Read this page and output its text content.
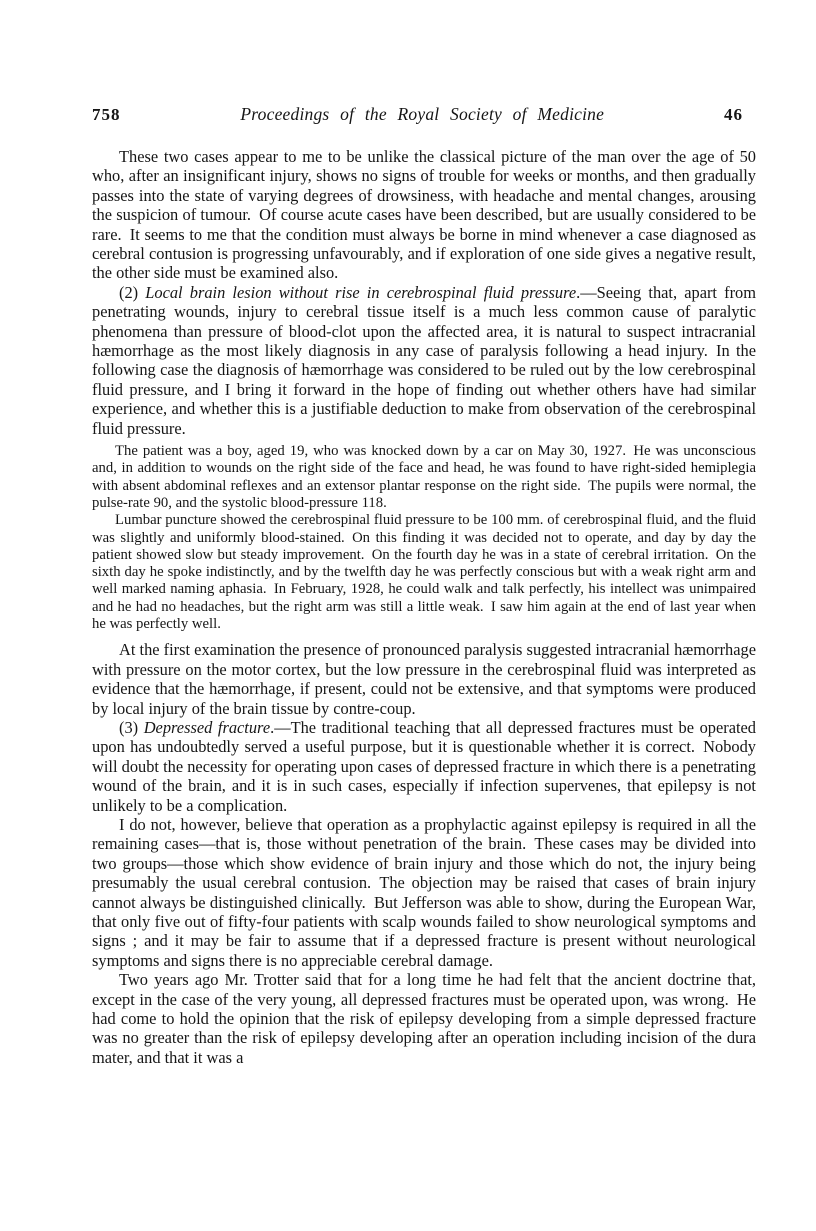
758	Proceedings of the Royal Society of Medicine	46

These two cases appear to me to be unlike the classical picture of the man over the age of 50 who, after an insignificant injury, shows no signs of trouble for weeks or months, and then gradually passes into the state of varying degrees of drowsiness, with headache and mental changes, arousing the suspicion of tumour. Of course acute cases have been described, but are usually considered to be rare. It seems to me that the condition must always be borne in mind whenever a case diagnosed as cerebral contusion is progressing unfavourably, and if exploration of one side gives a negative result, the other side must be examined also.

(2) Local brain lesion without rise in cerebrospinal fluid pressure.—Seeing that, apart from penetrating wounds, injury to cerebral tissue itself is a much less common cause of paralytic phenomena than pressure of blood-clot upon the affected area, it is natural to suspect intracranial hæmorrhage as the most likely diagnosis in any case of paralysis following a head injury. In the following case the diagnosis of hæmorrhage was considered to be ruled out by the low cerebrospinal fluid pressure, and I bring it forward in the hope of finding out whether others have had similar experience, and whether this is a justifiable deduction to make from observation of the cerebrospinal fluid pressure.

The patient was a boy, aged 19, who was knocked down by a car on May 30, 1927. He was unconscious and, in addition to wounds on the right side of the face and head, he was found to have right-sided hemiplegia with absent abdominal reflexes and an extensor plantar response on the right side. The pupils were normal, the pulse-rate 90, and the systolic blood-pressure 118.

Lumbar puncture showed the cerebrospinal fluid pressure to be 100 mm. of cerebrospinal fluid, and the fluid was slightly and uniformly blood-stained. On this finding it was decided not to operate, and day by day the patient showed slow but steady improvement. On the fourth day he was in a state of cerebral irritation. On the sixth day he spoke indistinctly, and by the twelfth day he was perfectly conscious but with a weak right arm and well marked naming aphasia. In February, 1928, he could walk and talk perfectly, his intellect was unimpaired and he had no headaches, but the right arm was still a little weak. I saw him again at the end of last year when he was perfectly well.

At the first examination the presence of pronounced paralysis suggested intracranial hæmorrhage with pressure on the motor cortex, but the low pressure in the cerebrospinal fluid was interpreted as evidence that the hæmorrhage, if present, could not be extensive, and that symptoms were produced by local injury of the brain tissue by contre-coup.

(3) Depressed fracture.—The traditional teaching that all depressed fractures must be operated upon has undoubtedly served a useful purpose, but it is questionable whether it is correct. Nobody will doubt the necessity for operating upon cases of depressed fracture in which there is a penetrating wound of the brain, and it is in such cases, especially if infection supervenes, that epilepsy is not unlikely to be a complication.

I do not, however, believe that operation as a prophylactic against epilepsy is required in all the remaining cases—that is, those without penetration of the brain. These cases may be divided into two groups—those which show evidence of brain injury and those which do not, the injury being presumably the usual cerebral contusion. The objection may be raised that cases of brain injury cannot always be distinguished clinically. But Jefferson was able to show, during the European War, that only five out of fifty-four patients with scalp wounds failed to show neurological symptoms and signs ; and it may be fair to assume that if a depressed fracture is present without neurological symptoms and signs there is no appreciable cerebral damage.

Two years ago Mr. Trotter said that for a long time he had felt that the ancient doctrine that, except in the case of the very young, all depressed fractures must be operated upon, was wrong. He had come to hold the opinion that the risk of epilepsy developing from a simple depressed fracture was no greater than the risk of epilepsy developing after an operation including incision of the dura mater, and that it was a
